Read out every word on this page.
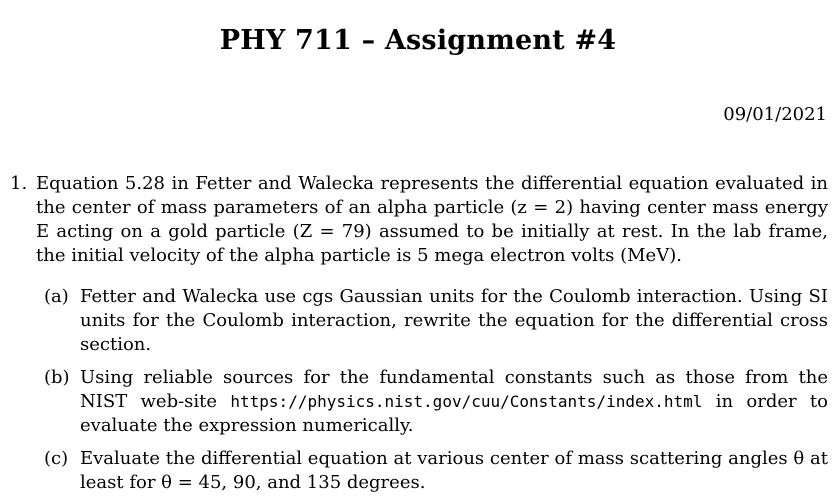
PHY 711 – Assignment #4
09/01/2021
1. Equation 5.28 in Fetter and Walecka represents the differential equation evaluated in the center of mass parameters of an alpha particle (z = 2) having center mass energy E acting on a gold particle (Z = 79) assumed to be initially at rest. In the lab frame, the initial velocity of the alpha particle is 5 mega electron volts (MeV).
(a) Fetter and Walecka use cgs Gaussian units for the Coulomb interaction. Using SI units for the Coulomb interaction, rewrite the equation for the differential cross section.
(b) Using reliable sources for the fundamental constants such as those from the NIST web-site https://physics.nist.gov/cuu/Constants/index.html in order to evaluate the expression numerically.
(c) Evaluate the differential equation at various center of mass scattering angles θ at least for θ = 45, 90, and 135 degrees.
